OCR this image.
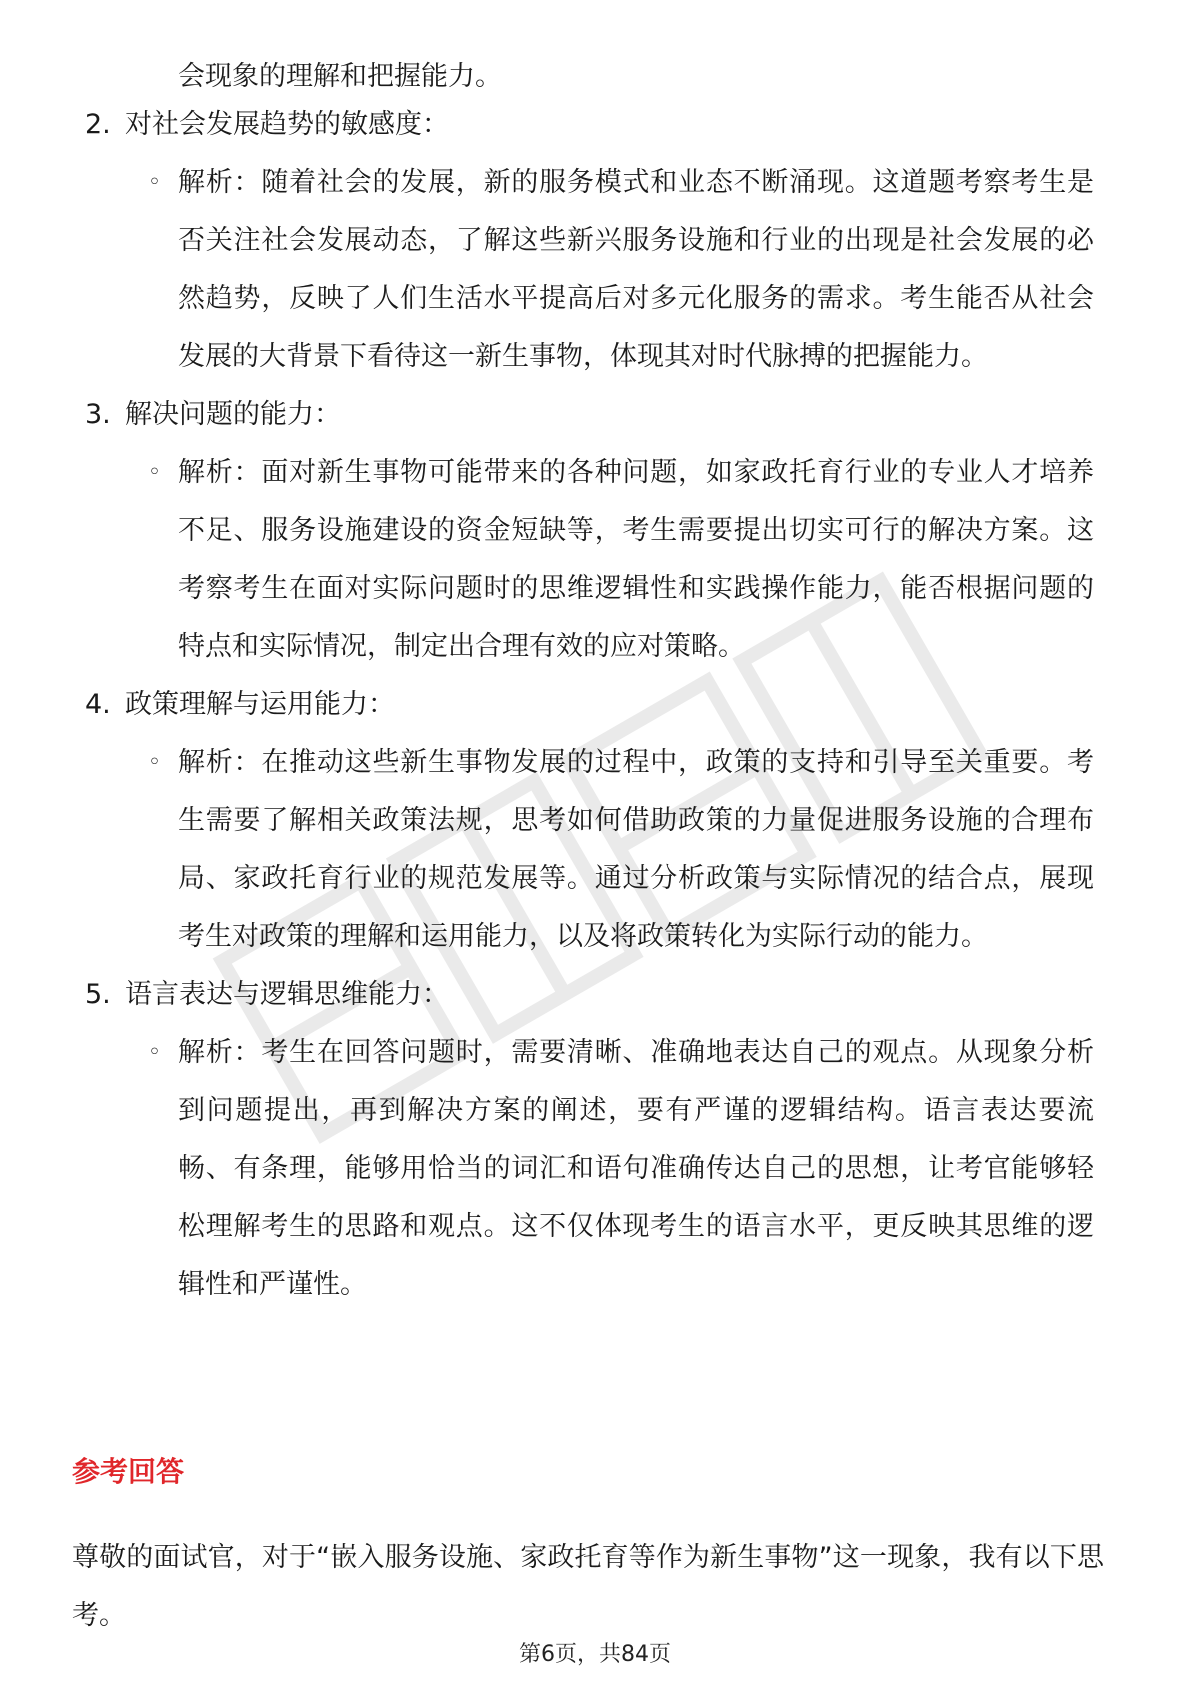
会现象的理解和把握能力。

2. 对社会发展趋势的敏感度：
◦ 解析：随着社会的发展，新的服务模式和业态不断涌现。这道题考察考生是否关注社会发展动态，了解这些新兴服务设施和行业的出现是社会发展的必然趋势，反映了人们生活水平提高后对多元化服务的需求。考生能否从社会发展的大背景下看待这一新生事物，体现其对时代脉搏的把握能力。

3. 解决问题的能力：
◦ 解析：面对新生事物可能带来的各种问题，如家政托育行业的专业人才培养不足、服务设施建设的资金短缺等，考生需要提出切实可行的解决方案。这考察考生在面对实际问题时的思维逻辑性和实践操作能力，能否根据问题的特点和实际情况，制定出合理有效的应对策略。

4. 政策理解与运用能力：
◦ 解析：在推动这些新生事物发展的过程中，政策的支持和引导至关重要。考生需要了解相关政策法规，思考如何借助政策的力量促进服务设施的合理布局、家政托育行业的规范发展等。通过分析政策与实际情况的结合点，展现考生对政策的理解和运用能力，以及将政策转化为实际行动的能力。

5. 语言表达与逻辑思维能力：
◦ 解析：考生在回答问题时，需要清晰、准确地表达自己的观点。从现象分析到问题提出，再到解决方案的阐述，要有严谨的逻辑结构。语言表达要流畅、有条理，能够用恰当的词汇和语句准确传达自己的思想，让考官能够轻松理解考生的思路和观点。这不仅体现考生的语言水平，更反映其思维的逻辑性和严谨性。

参考回答

尊敬的面试官，对于“嵌入服务设施、家政托育等作为新生事物”这一现象，我有以下思考。

第6页，共84页
